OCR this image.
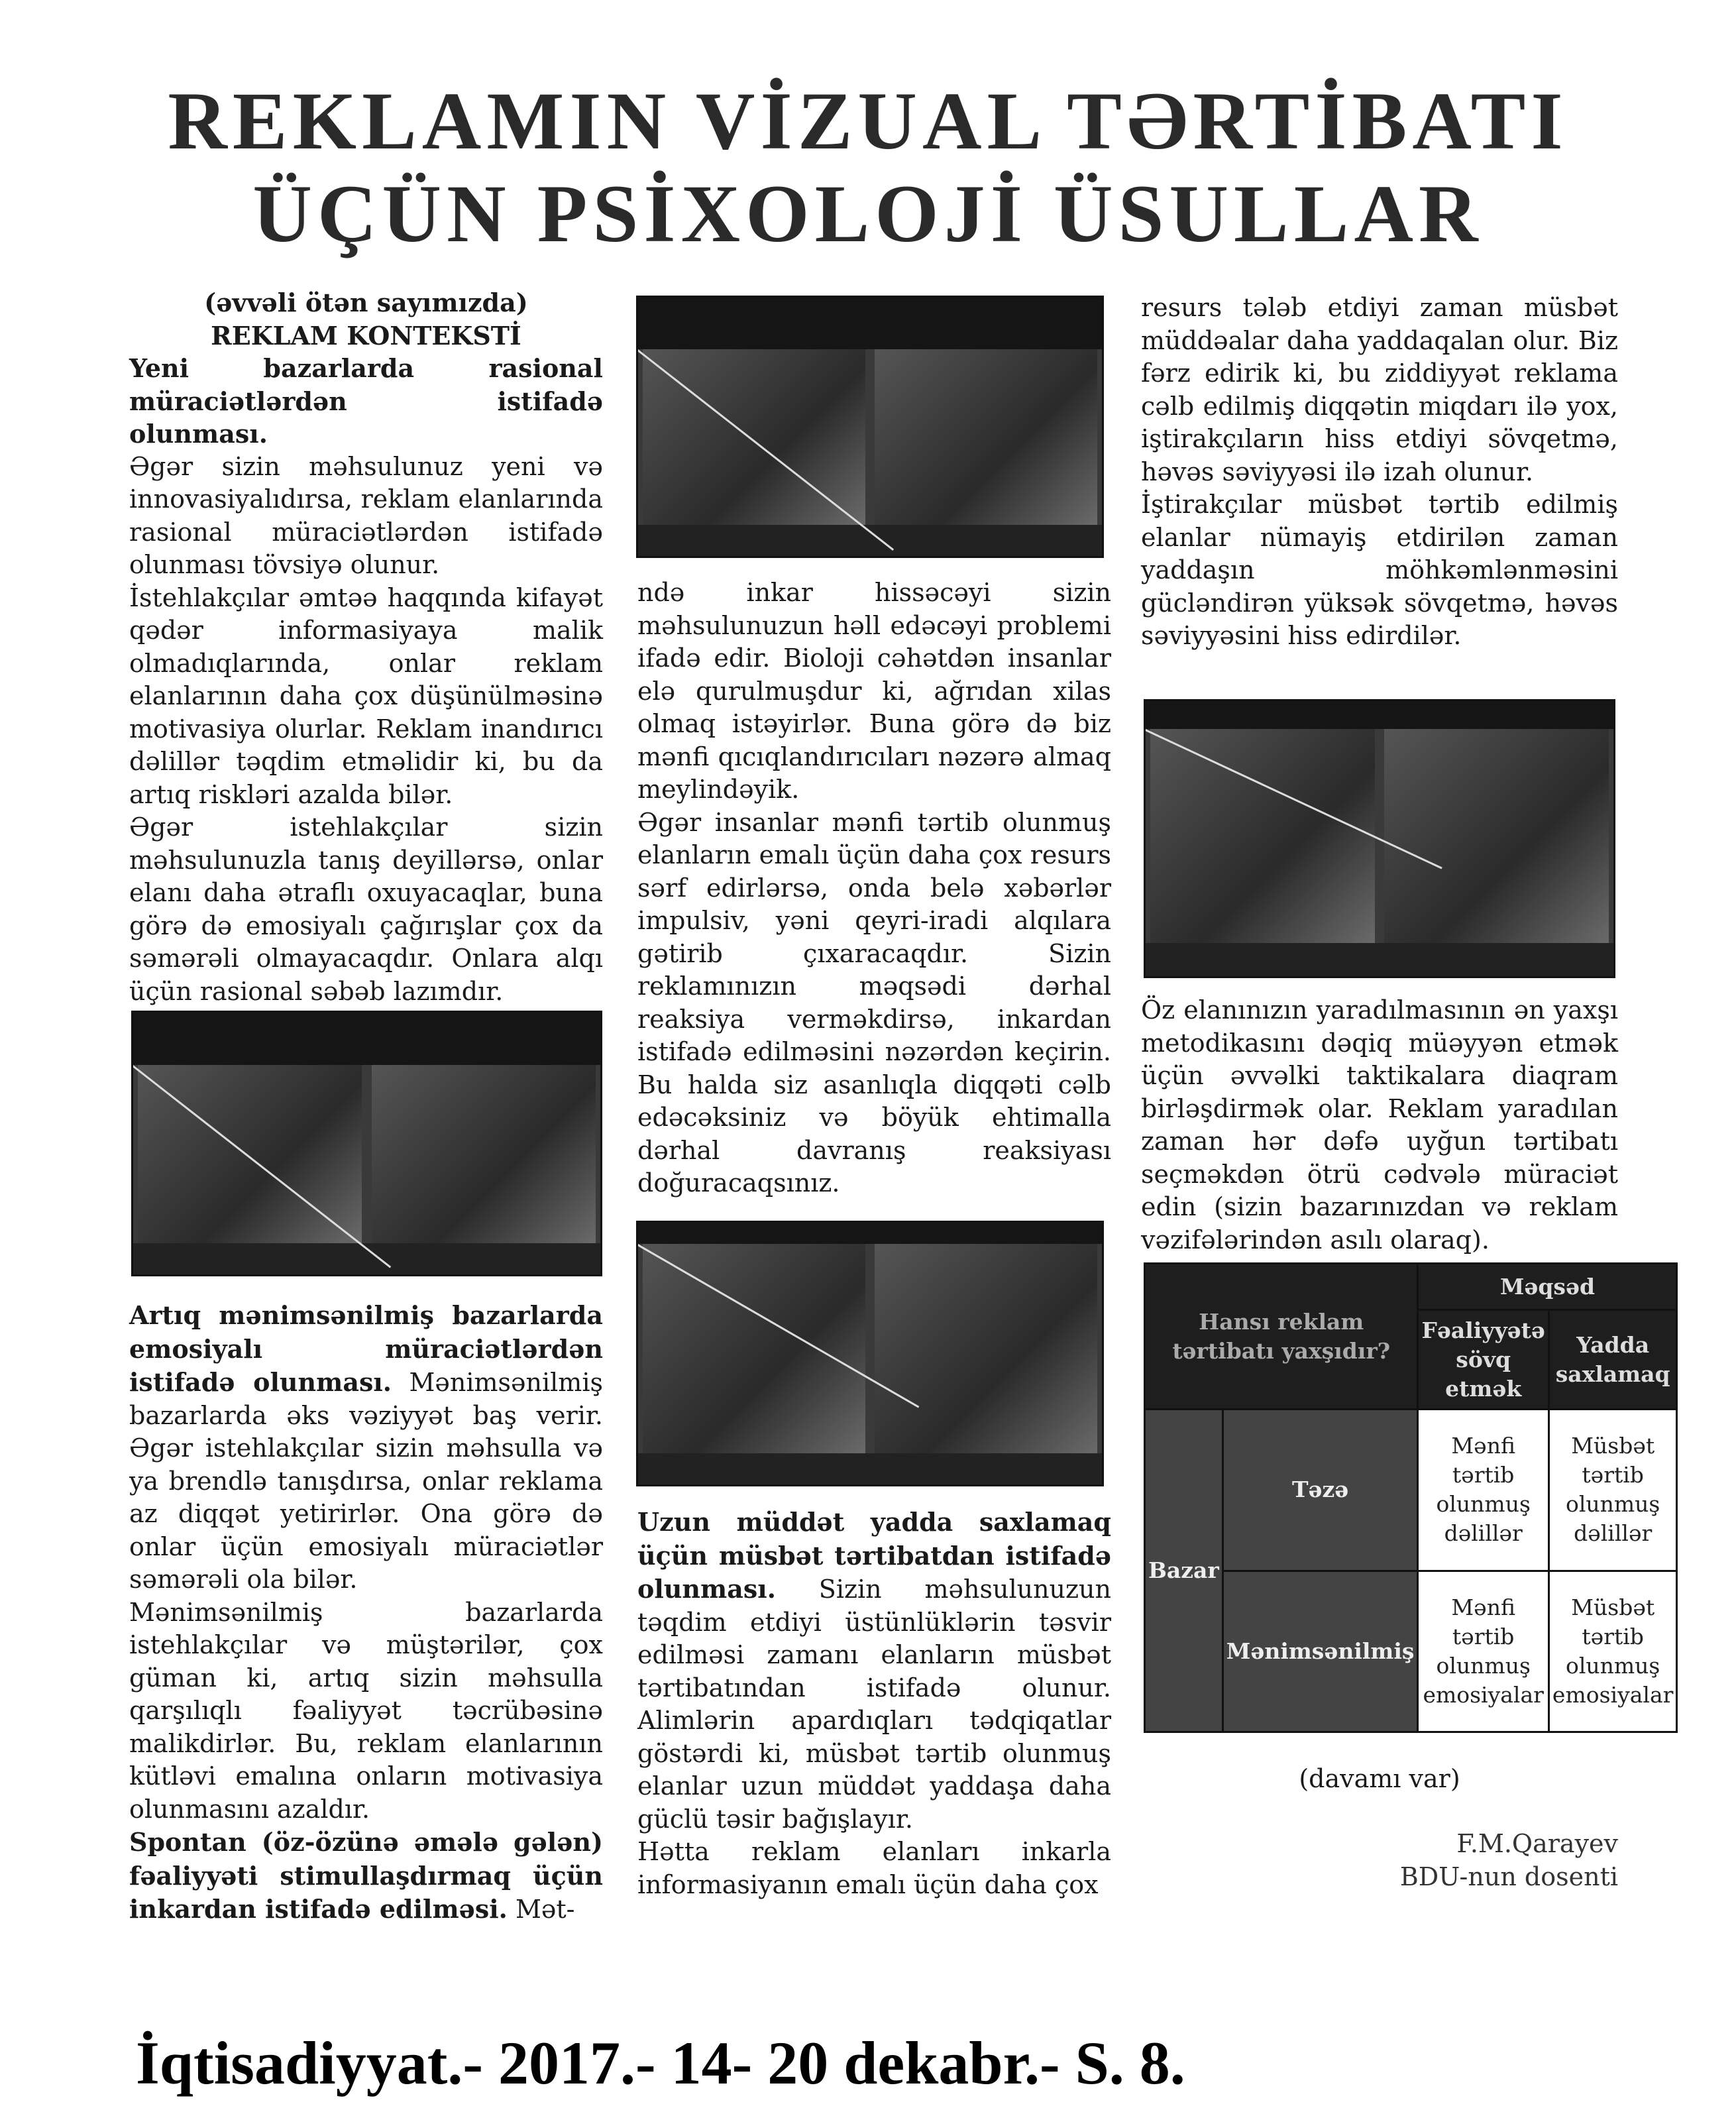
REKLAMIN VİZUAL TƏRTİBATI
ÜÇÜN PSİXOLOJİ ÜSULLAR

(əvvəli ötən sayımızda)

REKLAM KONTEKSTİ

Yeni bazarlarda rasional müraciətlərdən istifadə olunması.

Əgər sizin məhsulunuz yeni və innovasiyalıdırsa, reklam elanlarında rasional müraciətlərdən istifadə olunması tövsiyə olunur.

İstehlakçılar əmtəə haqqında kifayət qədər informasiyaya malik olmadıqlarında, onlar reklam elanlarının daha çox düşünülməsinə motivasiya olurlar. Reklam inandırıcı dəlillər təqdim etməlidir ki, bu da artıq riskləri azalda bilər.

Əgər istehlakçılar sizin məhsulunuzla tanış deyillərsə, onlar elanı daha ətraflı oxuyacaqlar, buna görə də emosiyalı çağırışlar çox da səmərəli olmayacaqdır. Onlara alqı üçün rasional səbəb lazımdır.

Artıq mənimsənilmiş bazarlarda emosiyalı müraciətlərdən istifadə olunması. Mənimsənilmiş bazarlarda əks vəziyyət baş verir. Əgər istehlakçılar sizin məhsulla və ya brendlə tanışdırsa, onlar reklama az diqqət yetirirlər. Ona görə də onlar üçün emosiyalı müraciətlər səmərəli ola bilər.

Mənimsənilmiş bazarlarda istehlakçılar və müştərilər, çox güman ki, artıq sizin məhsulla qarşılıqlı fəaliyyət təcrübəsinə malikdirlər. Bu, reklam elanlarının kütləvi emalına onların motivasiya olunmasını azaldır.

Spontan (öz-özünə əmələ gələn) fəaliyyəti stimullaşdırmaq üçün inkardan istifadə edilməsi. Mət-

ndə inkar hissəcəyi sizin məhsulunuzun həll edəcəyi problemi ifadə edir. Bioloji cəhətdən insanlar elə qurulmuşdur ki, ağrıdan xilas olmaq istəyirlər. Buna görə də biz mənfi qıcıqlandırıcıları nəzərə almaq meylindəyik.

Əgər insanlar mənfi tərtib olunmuş elanların emalı üçün daha çox resurs sərf edirlərsə, onda belə xəbərlər impulsiv, yəni qeyri-iradi alqılara gətirib çıxaracaqdır. Sizin reklamınızın məqsədi dərhal reaksiya verməkdirsə, inkardan istifadə edilməsini nəzərdən keçirin. Bu halda siz asanlıqla diqqəti cəlb edəcəksiniz və böyük ehtimalla dərhal davranış reaksiyası doğuracaqsınız.

Uzun müddət yadda saxlamaq üçün müsbət tərtibatdan istifadə olunması. Sizin məhsulunuzun təqdim etdiyi üstünlüklərin təsvir edilməsi zamanı elanların müsbət tərtibatından istifadə olunur. Alimlərin apardıqları tədqiqatlar göstərdi ki, müsbət tərtib olunmuş elanlar uzun müddət yaddaşa daha güclü təsir bağışlayır.

Hətta reklam elanları inkarla informasiyanın emalı üçün daha çox

resurs tələb etdiyi zaman müsbət müddəalar daha yaddaqalan olur. Biz fərz edirik ki, bu ziddiyyət reklama cəlb edilmiş diqqətin miqdarı ilə yox, iştirakçıların hiss etdiyi sövqetmə, həvəs səviyyəsi ilə izah olunur.

İştirakçılar müsbət tərtib edilmiş elanlar nümayiş etdirilən zaman yaddaşın möhkəmlənməsini gücləndirən yüksək sövqetmə, həvəs səviyyəsini hiss edirdilər.

Öz elanınızın yaradılmasının ən yaxşı metodikasını dəqiq müəyyən etmək üçün əvvəlki taktikalara diaqram birləşdirmək olar. Reklam yaradılan zaman hər dəfə uyğun tərtibatı seçməkdən ötrü cədvələ müraciət edin (sizin bazarınızdan və reklam vəzifələrindən asılı olaraq).

Hansı reklam tərtibatı yaxşıdır?		Məqsəd	
		Fəaliyyətə sövq etmək	Yadda saxlamaq
Bazar	Təzə	Mənfi tərtib olunmuş dəlillər	Müsbət tərtib olunmuş dəlillər
	Mənimsənilmiş	Mənfi tərtib olunmuş emosiyalar	Müsbət tərtib olunmuş emosiyalar
(davamı var)
F.M.Qarayev
BDU-nun dosenti
İqtisadiyyat.- 2017.- 14- 20 dekabr.- S. 8.
